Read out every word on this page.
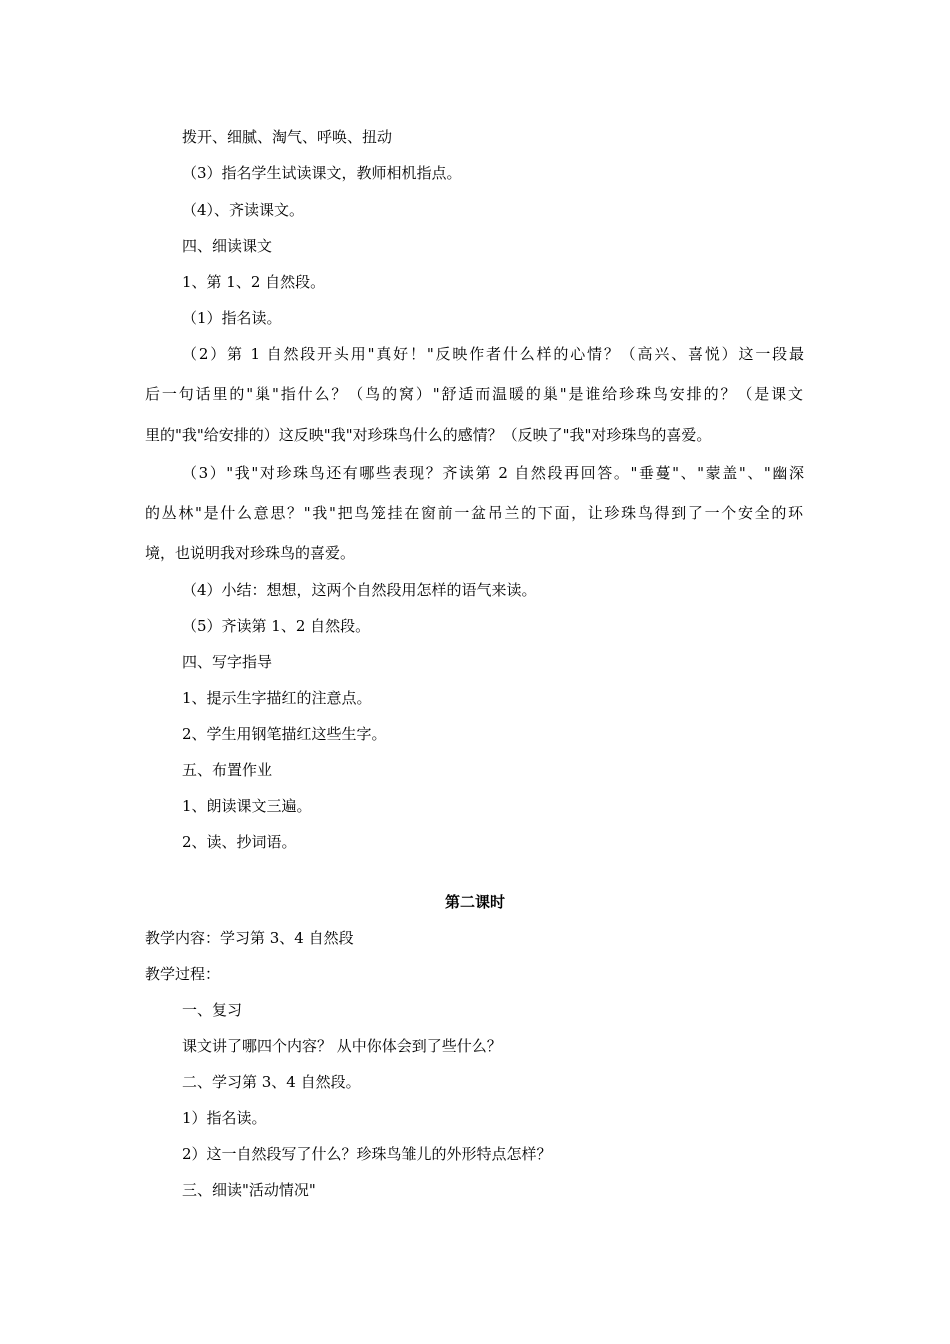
拨开、细腻、淘气、呼唤、扭动
（3）指名学生试读课文，教师相机指点。
（4）、齐读课文。
四、细读课文
1、第 1、2 自然段。
（1）指名读。
（2）第 1 自然段开头用"真好！"反映作者什么样的心情？（高兴、喜悦）这一段最
后一句话里的"巢"指什么？（鸟的窝）"舒适而温暖的巢"是谁给珍珠鸟安排的？（是课文
里的"我"给安排的）这反映"我"对珍珠鸟什么的感情？（反映了"我"对珍珠鸟的喜爱。
（3）"我"对珍珠鸟还有哪些表现？齐读第 2 自然段再回答。"垂蔓"、"蒙盖"、"幽深
的丛林"是什么意思？"我"把鸟笼挂在窗前一盆吊兰的下面，让珍珠鸟得到了一个安全的环
境，也说明我对珍珠鸟的喜爱。
（4）小结：想想，这两个自然段用怎样的语气来读。
（5）齐读第 1、2 自然段。
四、写字指导
1、提示生字描红的注意点。
2、学生用钢笔描红这些生字。
五、布置作业
1、朗读课文三遍。
2、读、抄词语。
第二课时
教学内容：学习第 3、4 自然段
教学过程：
一、复习
课文讲了哪四个内容？ 从中你体会到了些什么？
二、学习第 3、4 自然段。
1）指名读。
2）这一自然段写了什么？珍珠鸟雏儿的外形特点怎样？
三、细读"活动情况"
